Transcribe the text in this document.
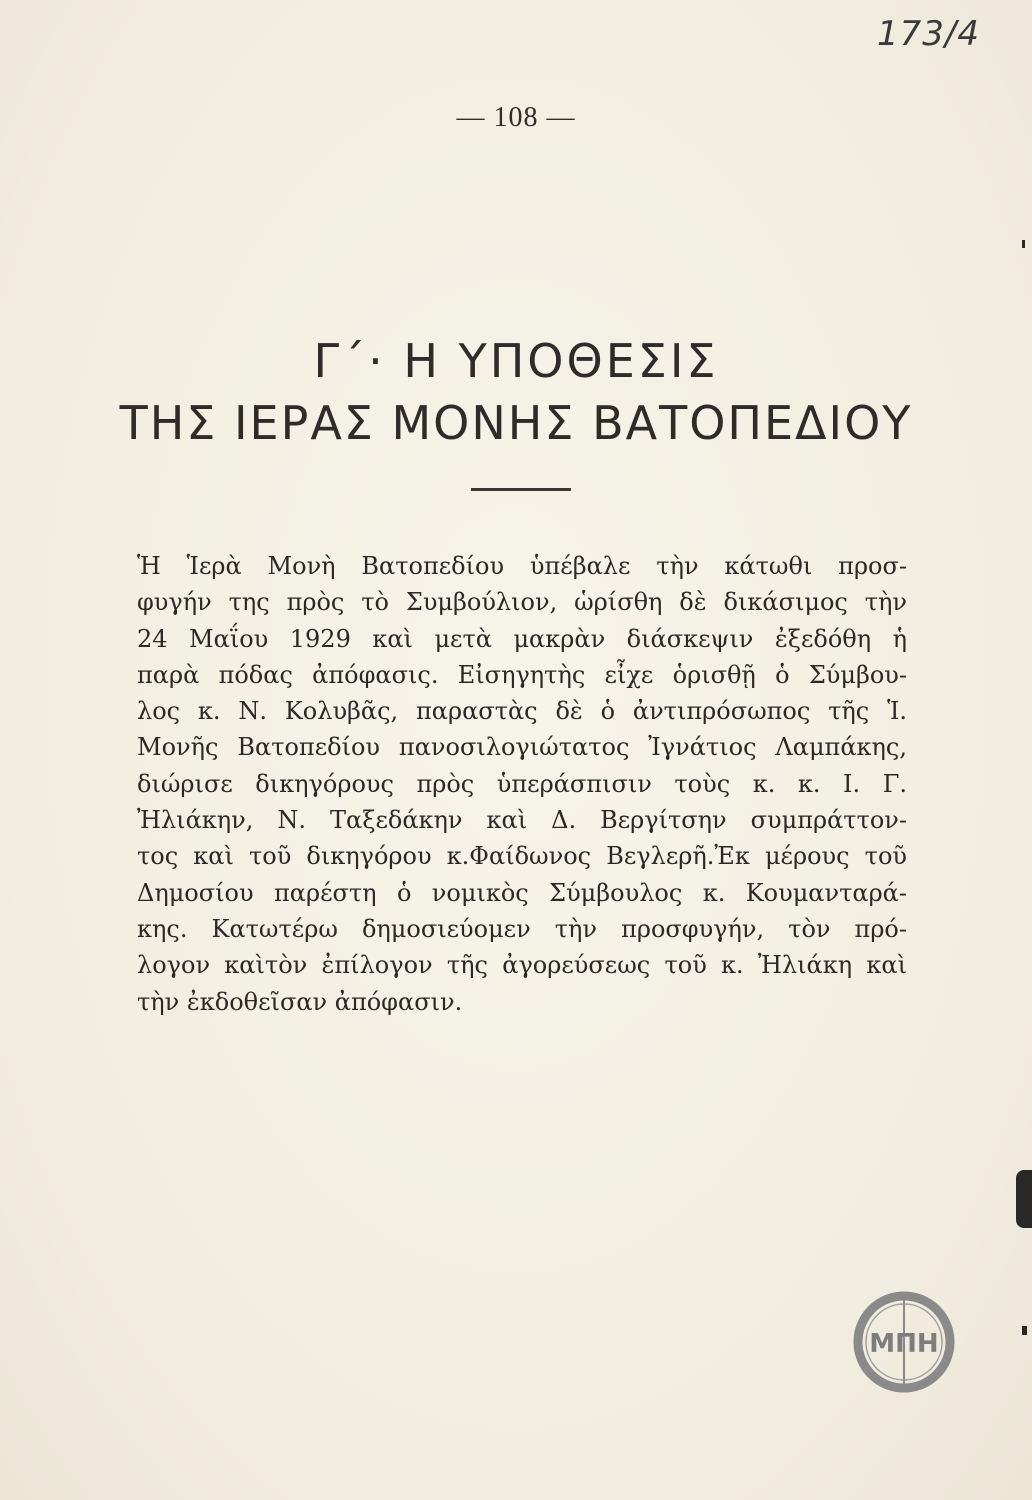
173/4
— 108 —
Γ΄· Η ΥΠΟΘΕΣΙΣ
ΤΗΣ ΙΕΡΑΣ ΜΟΝΗΣ ΒΑΤΟΠΕΔΙΟΥ
Ἡ Ἱερὰ Μονὴ Βατοπεδίου ὑπέβαλε τὴν κάτωθι προσ-
φυγήν της πρὸς τὸ Συμβούλιον, ὡρίσθη δὲ δικάσιμος τὴν
24 Μαΐου 1929 καὶ μετὰ μακρὰν διάσκεψιν ἐξεδόθη ἡ
παρὰ πόδας ἀπόφασις. Εἰσηγητὴς εἶχε ὁρισθῇ ὁ Σύμβου-
λος κ. Ν. Κολυβᾶς, παραστὰς δὲ ὁ ἀντιπρόσωπος τῆς Ἱ.
Μονῆς Βατοπεδίου πανοσιλογιώτατος Ἰγνάτιος Λαμπάκης,
διώρισε δικηγόρους πρὸς ὑπεράσπισιν τοὺς κ. κ. Ι. Γ.
Ἠλιάκην, Ν. Ταξεδάκην καὶ Δ. Βεργίτσην συμπράττον-
τος καὶ τοῦ δικηγόρου κ.Φαίδωνος Βεγλερῆ.Ἐκ μέρους τοῦ
Δημοσίου παρέστη ὁ νομικὸς Σύμβουλος κ. Κουμανταρά-
κης. Κατωτέρω δημοσιεύομεν τὴν προσφυγήν, τὸν πρό-
λογον καὶτὸν ἐπίλογον τῆς ἀγορεύσεως τοῦ κ. Ἠλιάκη καὶ
τὴν ἐκδοθεῖσαν ἀπόφασιν.
ΜΠΗ
